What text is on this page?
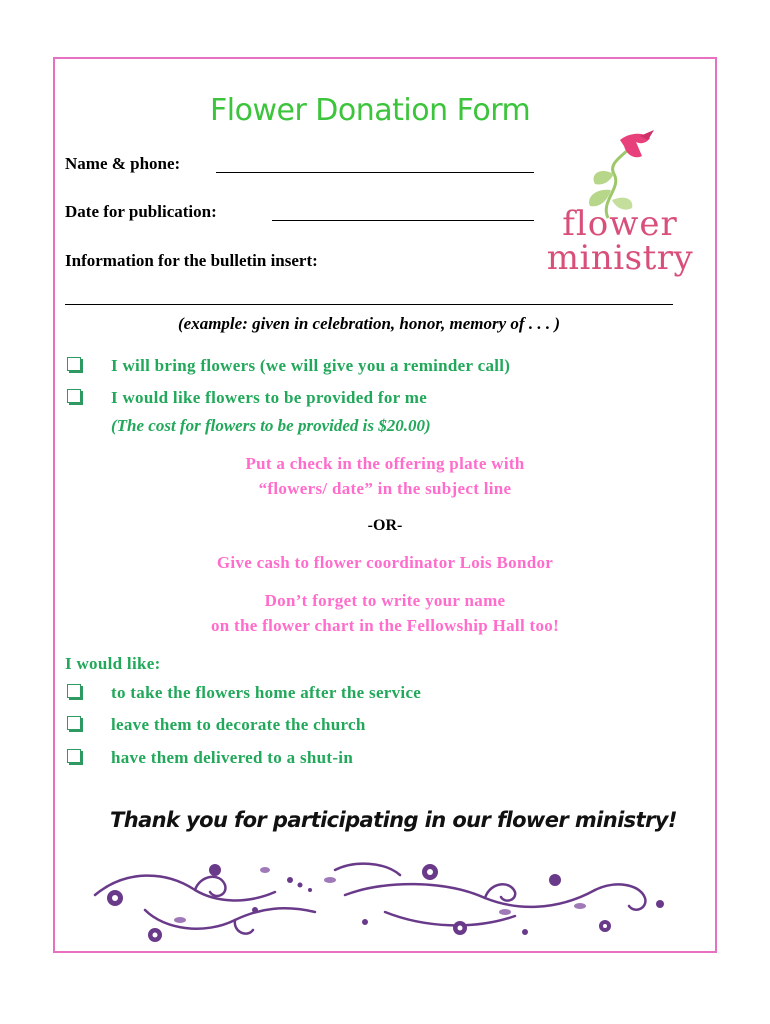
Flower Donation Form
flower
ministry
Name & phone:
Date for publication:
Information for the bulletin insert:
(example: given in celebration, honor, memory of . . . )
I will bring flowers (we will give you a reminder call)
I would like flowers to be provided for me
(The cost for flowers to be provided is $20.00)
Put a check in the offering plate with
“flowers/ date” in the subject line
-OR-
Give cash to flower coordinator Lois Bondor
Don’t forget to write your name
on the flower chart in the Fellowship Hall too!
I would like:
to take the flowers home after the service
leave them to decorate the church
have them delivered to a shut-in
Thank you for participating in our flower ministry!
